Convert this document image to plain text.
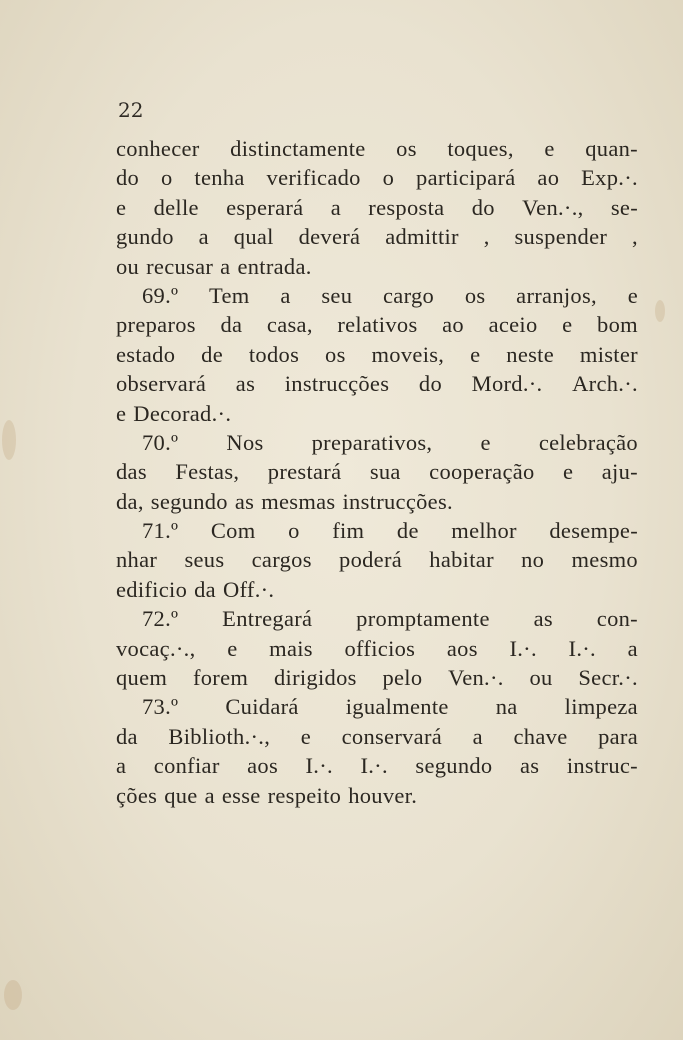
22

conhecer distinctamente os toques, e quan-
do o tenha verificado o participará ao Exp.·.
e delle esperará a resposta do Ven.·., se-
gundo a qual deverá admittir , suspender ,
ou recusar a entrada.
69.º Tem a seu cargo os arranjos, e
preparos da casa, relativos ao aceio e bom
estado de todos os moveis, e neste mister
observará as instrucções do Mord.·. Arch.·.
e Decorad.·.
70.º Nos preparativos, e celebração
das Festas, prestará sua cooperação e aju-
da, segundo as mesmas instrucções.
71.º Com o fim de melhor desempe-
nhar seus cargos poderá habitar no mesmo
edificio da Off.·.
72.º Entregará promptamente as con-
vocaç.·., e mais officios aos I.·. I.·. a
quem forem dirigidos pelo Ven.·. ou Secr.·.
73.º Cuidará igualmente na limpeza
da Biblioth.·., e conservará a chave para
a confiar aos I.·. I.·. segundo as instruc-
ções que a esse respeito houver.
